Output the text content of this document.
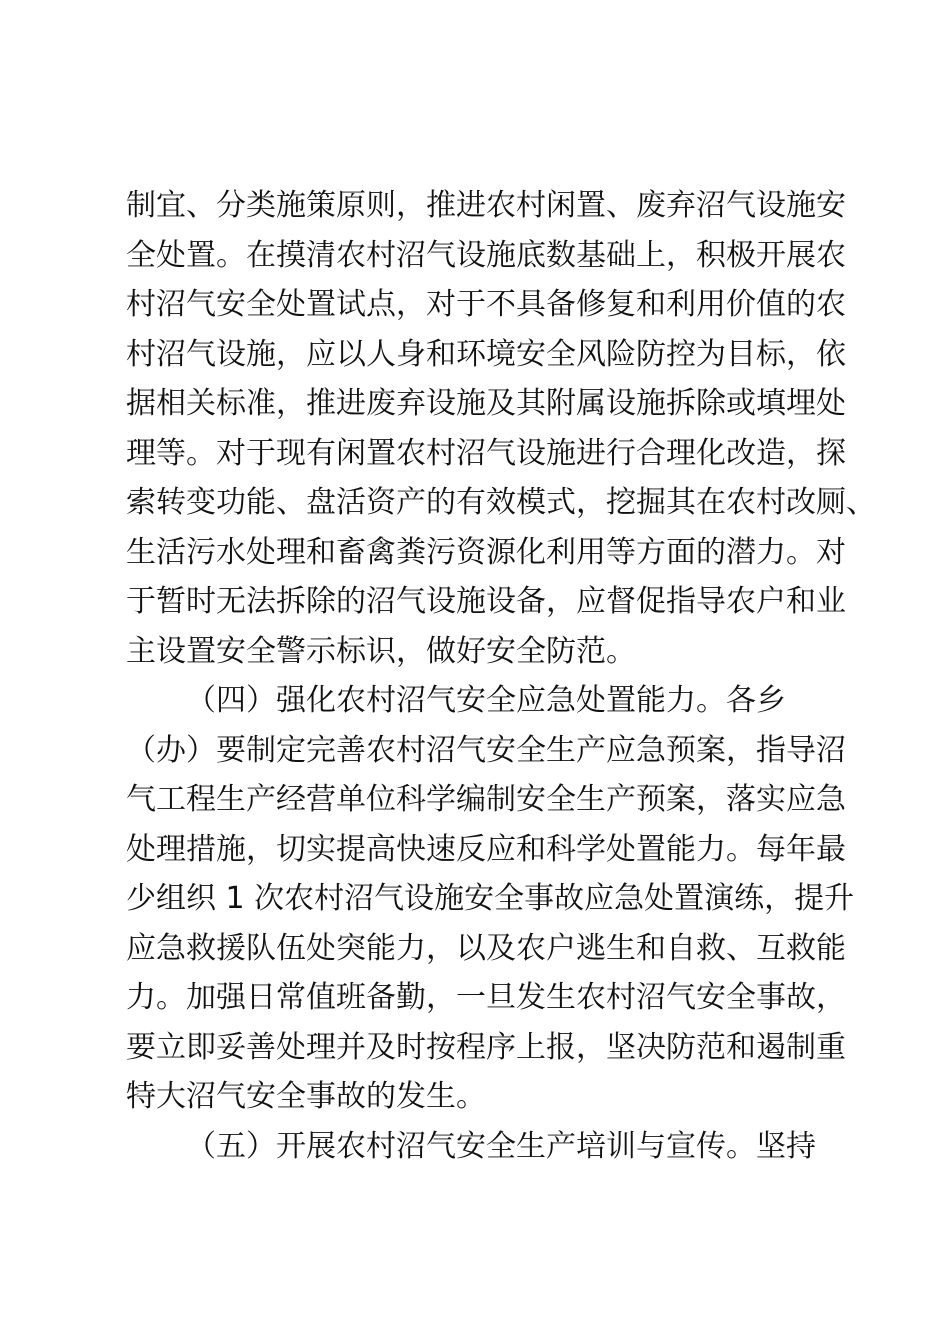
制宜、分类施策原则，推进农村闲置、废弃沼气设施安
全处置。在摸清农村沼气设施底数基础上，积极开展农
村沼气安全处置试点，对于不具备修复和利用价值的农
村沼气设施，应以人身和环境安全风险防控为目标，依
据相关标准，推进废弃设施及其附属设施拆除或填埋处
理等。对于现有闲置农村沼气设施进行合理化改造，探
索转变功能、盘活资产的有效模式，挖掘其在农村改厕、
生活污水处理和畜禽粪污资源化利用等方面的潜力。对
于暂时无法拆除的沼气设施设备，应督促指导农户和业
主设置安全警示标识，做好安全防范。
（四）强化农村沼气安全应急处置能力。各乡
（办）要制定完善农村沼气安全生产应急预案，指导沼
气工程生产经营单位科学编制安全生产预案，落实应急
处理措施，切实提高快速反应和科学处置能力。每年最
少组织 1 次农村沼气设施安全事故应急处置演练，提升
应急救援队伍处突能力，以及农户逃生和自救、互救能
力。加强日常值班备勤，一旦发生农村沼气安全事故，
要立即妥善处理并及时按程序上报，坚决防范和遏制重
特大沼气安全事故的发生。
（五）开展农村沼气安全生产培训与宣传。坚持
